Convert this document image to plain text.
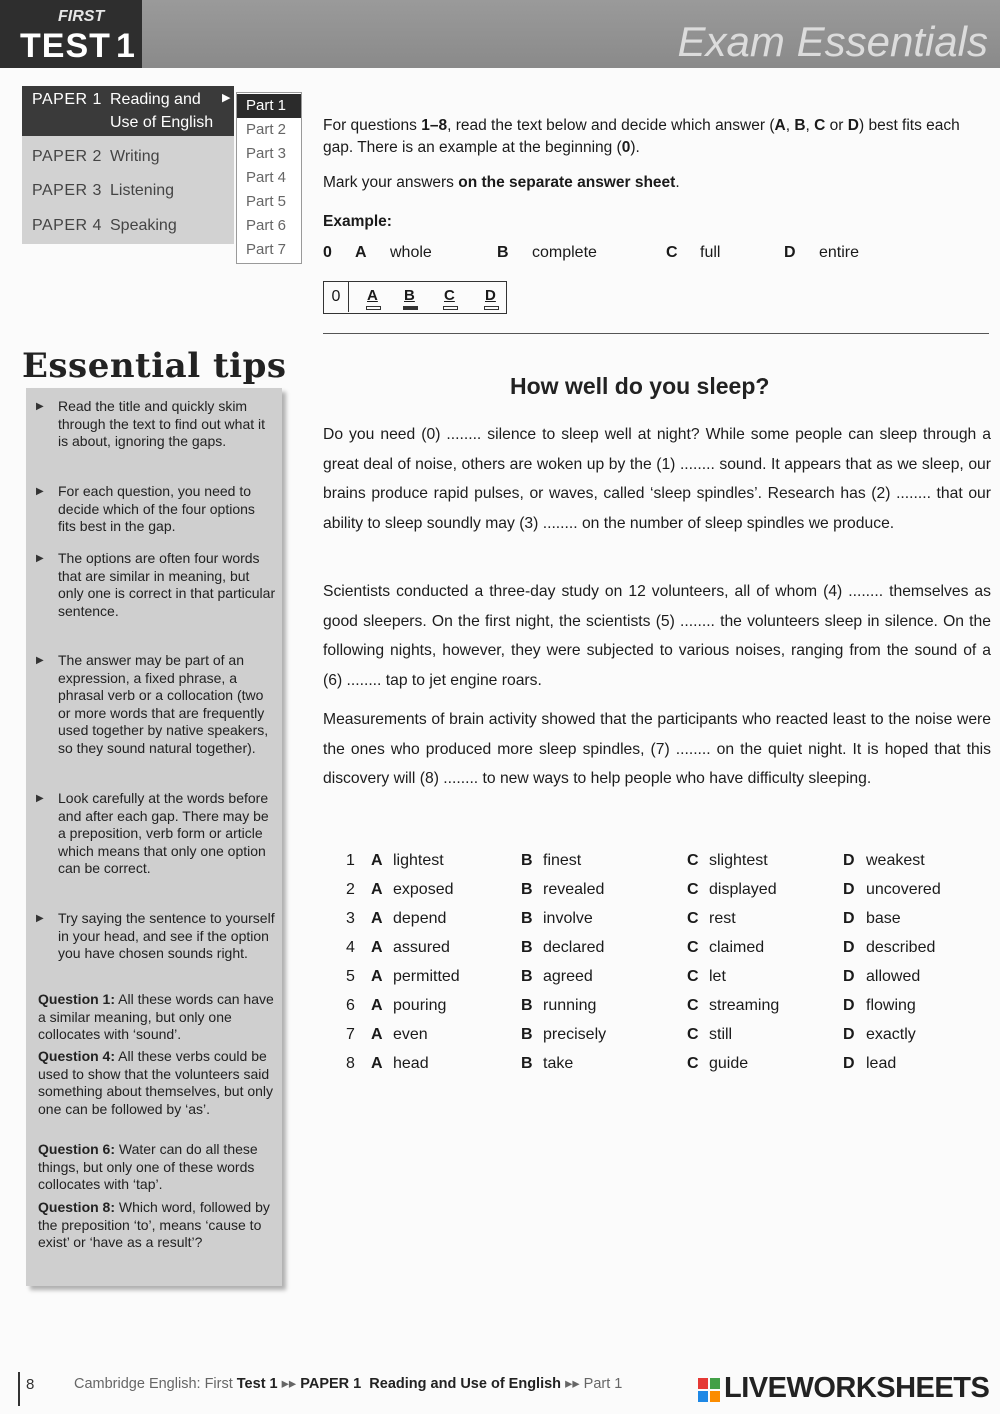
FIRST
TEST 1	Exam Essentials
PAPER 1 Reading and
Use of English
▶
PAPER 2 Writing
PAPER 3 Listening
PAPER 4 Speaking
Part 1
Part 2
Part 3
Part 4
Part 5
Part 6
Part 7
For questions 1–8, read the text below and decide which answer (A, B, C or D) best fits each gap. There is an example at the beginning (0).
Mark your answers on the separate answer sheet.
Example:
0 A whole	B complete	C full	D entire
0	A B C D
Essential tips
▶ Read the title and quickly skim through the text to find out what it is about, ignoring the gaps.
▶ For each question, you need to decide which of the four options fits best in the gap.
▶ The options are often four words that are similar in meaning, but only one is correct in that particular sentence.
▶ The answer may be part of an expression, a fixed phrase, a phrasal verb or a collocation (two or more words that are frequently used together by native speakers, so they sound natural together).
▶ Look carefully at the words before and after each gap. There may be a preposition, verb form or article which means that only one option can be correct.
▶ Try saying the sentence to yourself in your head, and see if the option you have chosen sounds right.
Question 1: All these words can have a similar meaning, but only one collocates with ‘sound’.
Question 4: All these verbs could be used to show that the volunteers said something about themselves, but only one can be followed by ‘as’.
Question 6: Water can do all these things, but only one of these words collocates with ‘tap’.
Question 8: Which word, followed by the preposition ‘to’, means ‘cause to exist’ or ‘have as a result’?
How well do you sleep?
Do you need (0) ........ silence to sleep well at night? While some people can sleep through a great deal of noise, others are woken up by the (1) ........ sound. It appears that as we sleep, our brains produce rapid pulses, or waves, called ‘sleep spindles’. Research has (2) ........ that our ability to sleep soundly may (3) ........ on the number of sleep spindles we produce.
Scientists conducted a three-day study on 12 volunteers, all of whom (4) ........ themselves as good sleepers. On the first night, the scientists (5) ........ the volunteers sleep in silence. On the following nights, however, they were subjected to various noises, ranging from the sound of a (6) ........ tap to jet engine roars.
Measurements of brain activity showed that the participants who reacted least to the noise were the ones who produced more sleep spindles, (7) ........ on the quiet night. It is hoped that this discovery will (8) ........ to new ways to help people who have difficulty sleeping.
1 A lightest	B finest	C slightest	D weakest
2 A exposed	B revealed	C displayed	D uncovered
3 A depend	B involve	C rest	D base
4 A assured	B declared	C claimed	D described
5 A permitted	B agreed	C let	D allowed
6 A pouring	B running	C streaming	D flowing
7 A even	B precisely	C still	D exactly
8 A head	B take	C guide	D lead
8	Cambridge English: First Test 1 ▸▸ PAPER 1 Reading and Use of English ▸▸ Part 1	LIVEWORKSHEETS
